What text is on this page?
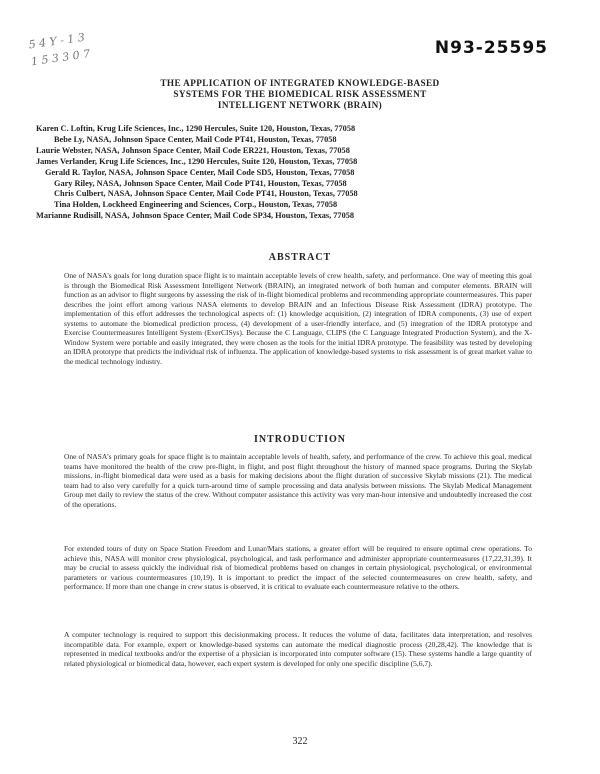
5 4 Y - 1 3
1 5 3 3 0 7	N93-25595
THE APPLICATION OF INTEGRATED KNOWLEDGE-BASED
SYSTEMS FOR THE BIOMEDICAL RISK ASSESSMENT
INTELLIGENT NETWORK (BRAIN)
Karen C. Loftin, Krug Life Sciences, Inc., 1290 Hercules, Suite 120, Houston, Texas, 77058
Bebe Ly, NASA, Johnson Space Center, Mail Code PT41, Houston, Texas, 77058
Laurie Webster, NASA, Johnson Space Center, Mail Code ER221, Houston, Texas, 77058
James Verlander, Krug Life Sciences, Inc., 1290 Hercules, Suite 120, Houston, Texas, 77058
Gerald R. Taylor, NASA, Johnson Space Center, Mail Code SD5, Houston, Texas, 77058
Gary Riley, NASA, Johnson Space Center, Mail Code PT41, Houston, Texas, 77058
Chris Culbert, NASA, Johnson Space Center, Mail Code PT41, Houston, Texas, 77058
Tina Holden, Lockheed Engineering and Sciences, Corp., Houston, Texas, 77058
Marianne Rudisill, NASA, Johnson Space Center, Mail Code SP34, Houston, Texas, 77058
ABSTRACT
One of NASA's goals for long duration space flight is to maintain acceptable levels of crew health, safety, and performance. One way of meeting this goal is through the Biomedical Risk Assessment Intelligent Network (BRAIN), an integrated network of both human and computer elements. BRAIN will function as an advisor to flight surgeons by assessing the risk of in-flight biomedical problems and recommending appropriate countermeasures. This paper describes the joint effort among various NASA elements to develop BRAIN and an Infectious Disease Risk Assessment (IDRA) prototype. The implementation of this effort addresses the technological aspects of: (1) knowledge acquisition, (2) integration of IDRA components, (3) use of expert systems to automate the biomedical prediction process, (4) development of a user-friendly interface, and (5) integration of the IDRA prototype and Exercise Countermeasures Intelligent System (ExerCISys). Because the C Language, CLIPS (the C Language Integrated Production System), and the X-Window System were portable and easily integrated, they were chosen as the tools for the initial IDRA prototype. The feasibility was tested by developing an IDRA prototype that predicts the individual risk of influenza. The application of knowledge-based systems to risk assessment is of great market value to the medical technology industry.
INTRODUCTION
One of NASA's primary goals for space flight is to maintain acceptable levels of health, safety, and performance of the crew. To achieve this goal, medical teams have monitored the health of the crew pre-flight, in flight, and post flight throughout the history of manned space programs. During the Skylab missions, in-flight biomedical data were used as a basis for making decisions about the flight duration of successive Skylab missions (21). The medical team had to also very carefully for a quick turn-around time of sample processing and data analysis between missions. The Skylab Medical Management Group met daily to review the status of the crew. Without computer assistance this activity was very man-hour intensive and undoubtedly increased the cost of the operations.
For extended tours of duty on Space Station Freedom and Lunar/Mars stations, a greater effort will be required to ensure optimal crew operations. To achieve this, NASA will monitor crew physiological, psychological, and task performance and administer appropriate countermeasures (17,22,31,39). It may be crucial to assess quickly the individual risk of biomedical problems based on changes in certain physiological, psychological, or environmental parameters or various countermeasures (10,19). It is important to predict the impact of the selected countermeasures on crew health, safety, and performance. If more than one change in crew status is observed, it is critical to evaluate each countermeasure relative to the others.
A computer technology is required to support this decisionmaking process. It reduces the volume of data, facilitates data interpretation, and resolves incompatible data. For example, expert or knowledge-based systems can automate the medical diagnostic process (20,28,42). The knowledge that is represented in medical textbooks and/or the expertise of a physician is incorporated into computer software (15). These systems handle a large quantity of related physiological or biomedical data, however, each expert system is developed for only one specific discipline (5,6,7).
322
